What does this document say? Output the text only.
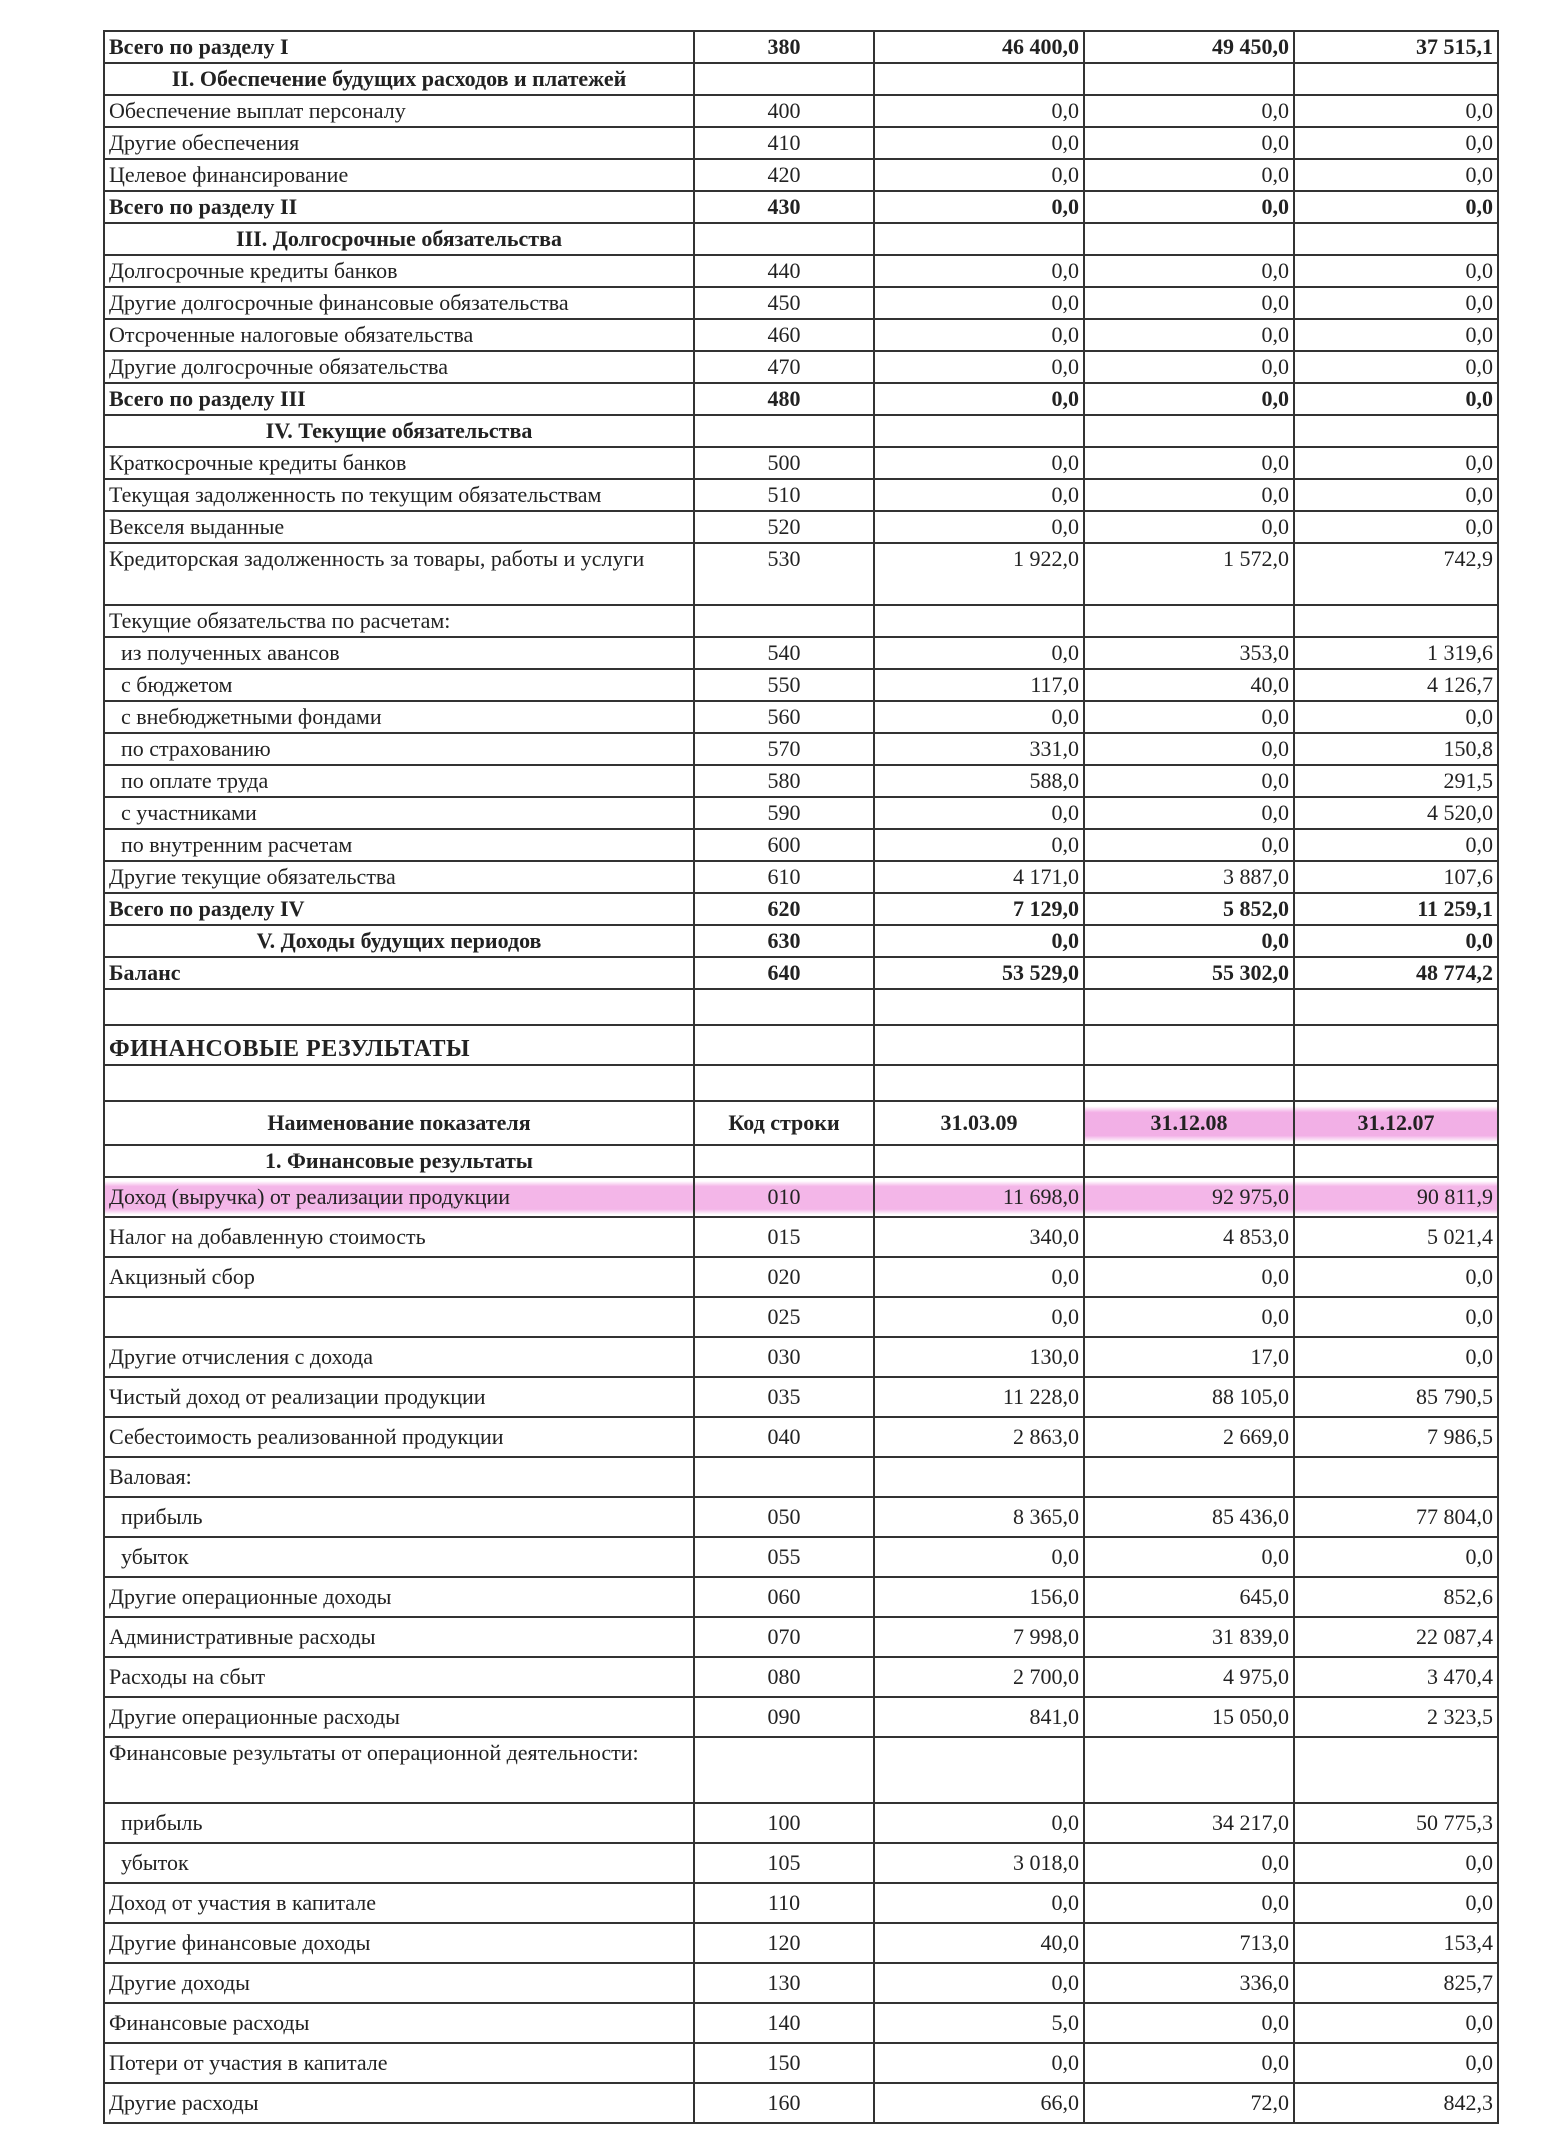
Всего по разделу I	380	46 400,0	49 450,0	37 515,1
II. Обеспечение будущих расходов и платежей				
Обеспечение выплат персоналу	400	0,0	0,0	0,0
Другие обеспечения	410	0,0	0,0	0,0
Целевое финансирование	420	0,0	0,0	0,0
Всего по разделу II	430	0,0	0,0	0,0
III. Долгосрочные обязательства				
Долгосрочные кредиты банков	440	0,0	0,0	0,0
Другие долгосрочные финансовые обязательства	450	0,0	0,0	0,0
Отсроченные налоговые обязательства	460	0,0	0,0	0,0
Другие долгосрочные обязательства	470	0,0	0,0	0,0
Всего по разделу III	480	0,0	0,0	0,0
IV. Текущие обязательства				
Краткосрочные кредиты банков	500	0,0	0,0	0,0
Текущая задолженность по текущим обязательствам	510	0,0	0,0	0,0
Векселя выданные	520	0,0	0,0	0,0
Кредиторская задолженность за товары, работы и услуги	530	1 922,0	1 572,0	742,9
Текущие обязательства по расчетам:				
из полученных авансов	540	0,0	353,0	1 319,6
с бюджетом	550	117,0	40,0	4 126,7
с внебюджетными фондами	560	0,0	0,0	0,0
по страхованию	570	331,0	0,0	150,8
по оплате труда	580	588,0	0,0	291,5
с участниками	590	0,0	0,0	4 520,0
по внутренним расчетам	600	0,0	0,0	0,0
Другие текущие обязательства	610	4 171,0	3 887,0	107,6
Всего по разделу IV	620	7 129,0	5 852,0	11 259,1
V. Доходы будущих периодов	630	0,0	0,0	0,0
Баланс	640	53 529,0	55 302,0	48 774,2

ФИНАНСОВЫЕ РЕЗУЛЬТАТЫ				

Наименование показателя	Код строки	31.03.09	31.12.08	31.12.07
1. Финансовые результаты				
Доход (выручка) от реализации продукции	010	11 698,0	92 975,0	90 811,9
Налог на добавленную стоимость	015	340,0	4 853,0	5 021,4
Акцизный сбор	020	0,0	0,0	0,0
	025	0,0	0,0	0,0
Другие отчисления с дохода	030	130,0	17,0	0,0
Чистый доход от реализации продукции	035	11 228,0	88 105,0	85 790,5
Себестоимость реализованной продукции	040	2 863,0	2 669,0	7 986,5
Валовая:				
прибыль	050	8 365,0	85 436,0	77 804,0
убыток	055	0,0	0,0	0,0
Другие операционные доходы	060	156,0	645,0	852,6
Административные расходы	070	7 998,0	31 839,0	22 087,4
Расходы на сбыт	080	2 700,0	4 975,0	3 470,4
Другие операционные расходы	090	841,0	15 050,0	2 323,5
Финансовые результаты от операционной деятельности:				
прибыль	100	0,0	34 217,0	50 775,3
убыток	105	3 018,0	0,0	0,0
Доход от участия в капитале	110	0,0	0,0	0,0
Другие финансовые доходы	120	40,0	713,0	153,4
Другие доходы	130	0,0	336,0	825,7
Финансовые расходы	140	5,0	0,0	0,0
Потери от участия в капитале	150	0,0	0,0	0,0
Другие расходы	160	66,0	72,0	842,3
